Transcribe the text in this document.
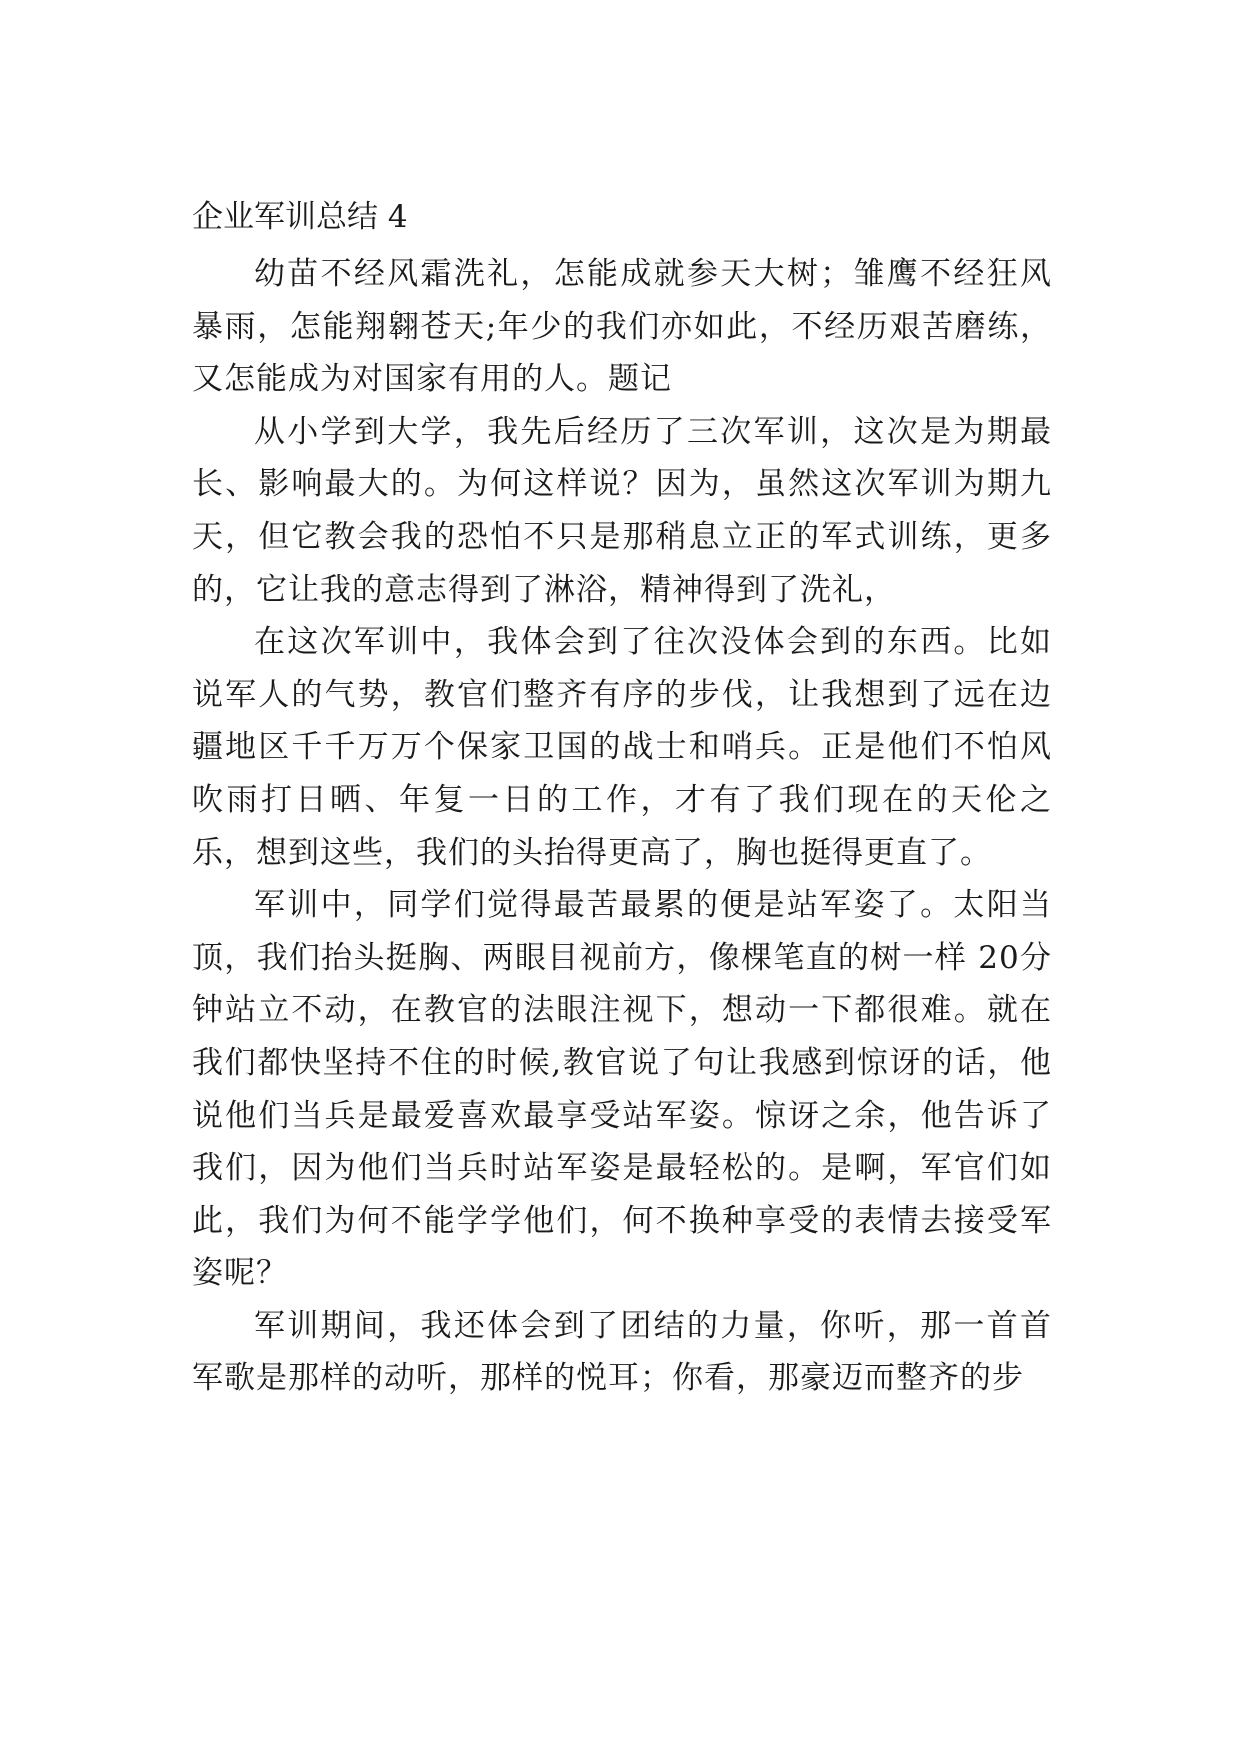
企业军训总结 4

幼苗不经风霜洗礼，怎能成就参天大树；雏鹰不经狂风暴雨，怎能翔翱苍天;年少的我们亦如此，不经历艰苦磨练，又怎能成为对国家有用的人。题记

从小学到大学，我先后经历了三次军训，这次是为期最长、影响最大的。为何这样说？因为，虽然这次军训为期九天，但它教会我的恐怕不只是那稍息立正的军式训练，更多的，它让我的意志得到了淋浴，精神得到了洗礼，

在这次军训中，我体会到了往次没体会到的东西。比如说军人的气势，教官们整齐有序的步伐，让我想到了远在边疆地区千千万万个保家卫国的战士和哨兵。正是他们不怕风吹雨打日晒、年复一日的工作，才有了我们现在的天伦之乐，想到这些，我们的头抬得更高了，胸也挺得更直了。

军训中，同学们觉得最苦最累的便是站军姿了。太阳当顶，我们抬头挺胸、两眼目视前方，像棵笔直的树一样 20分钟站立不动，在教官的法眼注视下，想动一下都很难。就在我们都快坚持不住的时候,教官说了句让我感到惊讶的话，他说他们当兵是最爱喜欢最享受站军姿。惊讶之余，他告诉了我们，因为他们当兵时站军姿是最轻松的。是啊，军官们如此，我们为何不能学学他们，何不换种享受的表情去接受军姿呢？

军训期间，我还体会到了团结的力量，你听，那一首首军歌是那样的动听，那样的悦耳；你看，那豪迈而整齐的步
